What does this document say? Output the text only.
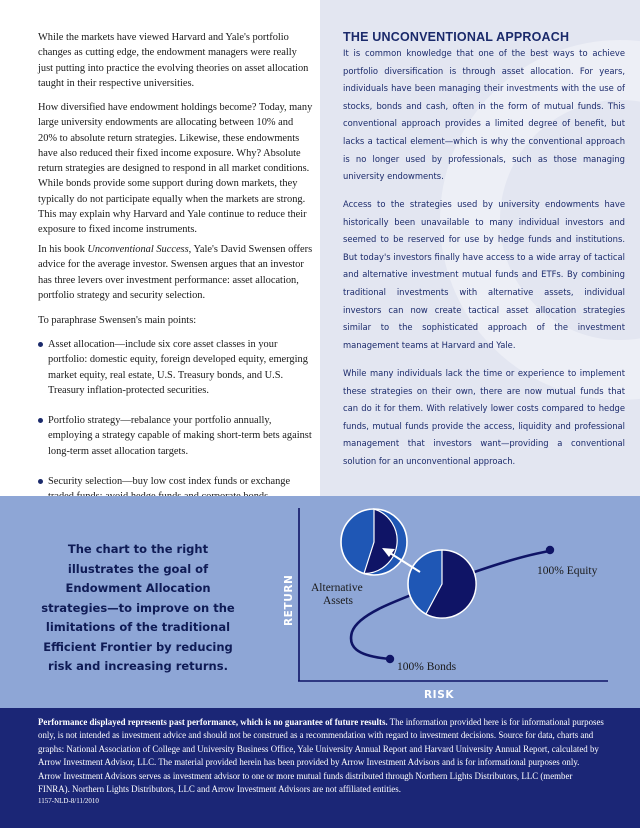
While the markets have viewed Harvard and Yale's portfolio changes as cutting edge, the endowment managers were really just putting into practice the evolving theories on asset allocation taught in their respective universities.

How diversified have endowment holdings become? Today, many large university endowments are allocating between 10% and 20% to absolute return strategies. Likewise, these endowments have also reduced their fixed income exposure. Why? Absolute return strategies are designed to respond in all market conditions. While bonds provide some support during down markets, they typically do not participate equally when the markets are strong. This may explain why Harvard and Yale continue to reduce their exposure to fixed income instruments.

In his book Unconventional Success, Yale's David Swensen offers advice for the average investor. Swensen argues that an investor has three levers over investment performance: asset allocation, portfolio strategy and security selection.

To paraphrase Swensen's main points:

Asset allocation—include six core asset classes in your portfolio: domestic equity, foreign developed equity, emerging market equity, real estate, U.S. Treasury bonds, and U.S. Treasury inflation-protected securities.
Portfolio strategy—rebalance your portfolio annually, employing a strategy capable of making short-term bets against long-term asset allocation targets.
Security selection—buy low cost index funds or exchange
THE UNCONVENTIONAL APPROACH

It is common knowledge that one of the best ways to achieve portfolio diversification is through asset allocation. For years, individuals have been managing their investments with the use of stocks, bonds and cash, often in the form of mutual funds. This conventional approach provides a limited degree of benefit, but lacks a tactical element—which is why the conventional approach is no longer used by professionals, such as those managing university endowments.

Access to the strategies used by university endowments have historically been unavailable to many individual investors and seemed to be reserved for use by hedge funds and institutions. But today's investors finally have access to a wide array of tactical and alternative investment mutual funds and ETFs. By combining traditional investments with alternative assets, individual investors can now create tactical asset allocation strategies similar to the sophisticated approach of the investment management teams at Harvard and Yale.

While many individuals lack the time or experience to implement these strategies on their own, there are now mutual funds that can do it for them. With relatively lower costs compared to hedge funds, mutual funds provide the access, liquidity and professional management that investors want—providing a conventional solution for an unconventional approach.

The chart to the right illustrates the goal of Endowment Allocation strategies—to improve on the limitations of the traditional Efficient Frontier by reducing risk and increasing returns.

RETURN
RISK
Alternative
Assets
100% Equity
100% Bonds

Performance displayed represents past performance, which is no guarantee of future results. The information provided here is for informational purposes only, is not intended as investment advice and should not be construed as a recommendation with regard to investment decisions. Source for data, charts and graphs: National Association of College and University Business Office, Yale University Annual Report and Harvard University Annual Report, calculated by Arrow Investment Advisor, LLC. The material provided herein has been provided by Arrow Investment Advisors and is for informational purposes only. Arrow Investment Advisors serves as investment advisor to one or more mutual funds distributed through Northern Lights Distributors, LLC (member FINRA). Northern Lights Distributors, LLC and Arrow Investment Advisors are not affiliated entities.

1157-NLD-8/11/2010
